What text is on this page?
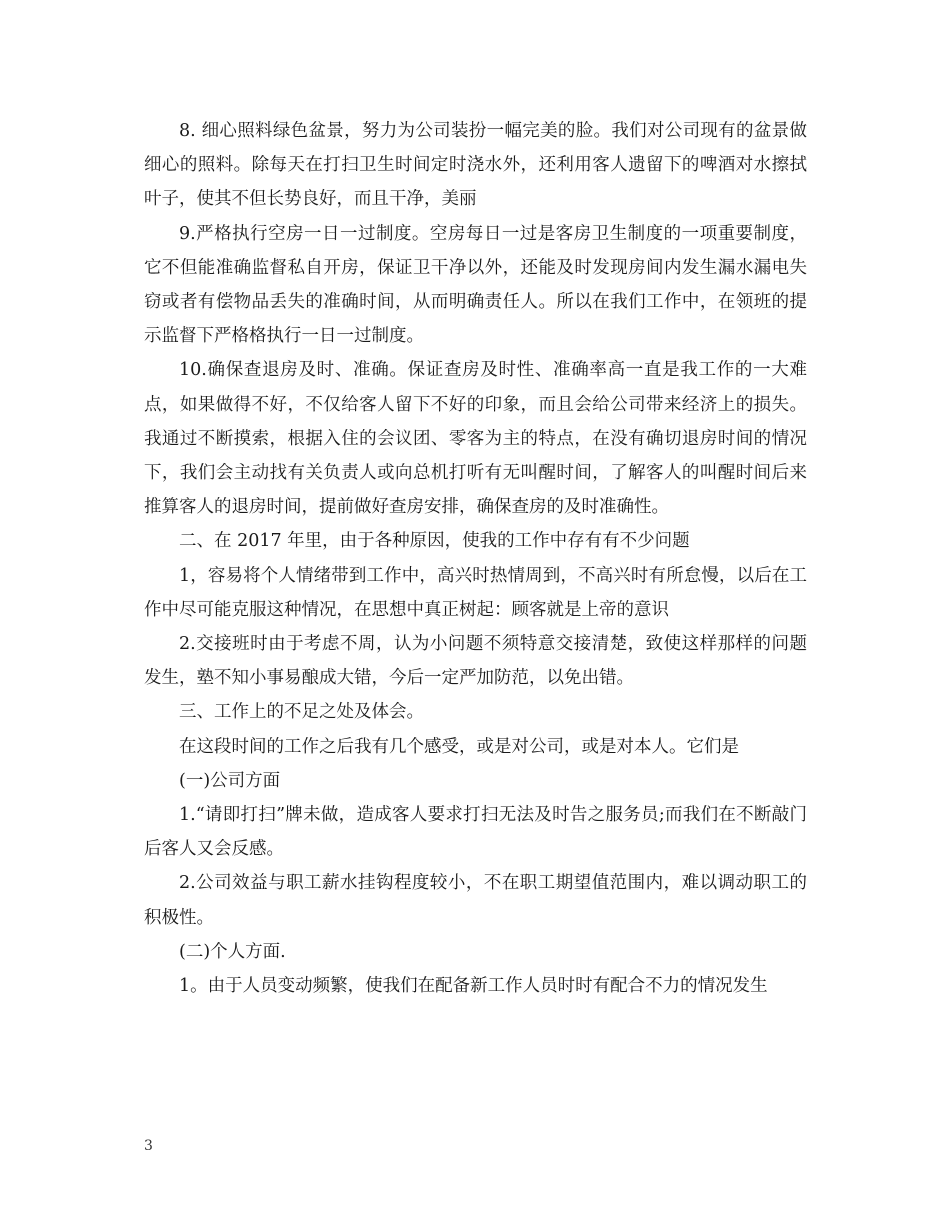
8. 细心照料绿色盆景，努力为公司装扮一幅完美的脸。我们对公司现有的盆景做细心的照料。除每天在打扫卫生时间定时浇水外，还利用客人遗留下的啤酒对水擦拭叶子，使其不但长势良好，而且干净，美丽

9.严格执行空房一日一过制度。空房每日一过是客房卫生制度的一项重要制度，它不但能准确监督私自开房，保证卫干净以外，还能及时发现房间内发生漏水漏电失窃或者有偿物品丢失的准确时间，从而明确责任人。所以在我们工作中，在领班的提示监督下严格格执行一日一过制度。

10.确保查退房及时、准确。保证查房及时性、准确率高一直是我工作的一大难点，如果做得不好，不仅给客人留下不好的印象，而且会给公司带来经济上的损失。我通过不断摸索，根据入住的会议团、零客为主的特点，在没有确切退房时间的情况下，我们会主动找有关负责人或向总机打听有无叫醒时间，了解客人的叫醒时间后来推算客人的退房时间，提前做好查房安排，确保查房的及时准确性。

二、在 2017 年里，由于各种原因，使我的工作中存有有不少问题

1，容易将个人情绪带到工作中，高兴时热情周到，不高兴时有所怠慢，以后在工作中尽可能克服这种情况，在思想中真正树起：顾客就是上帝的意识

2.交接班时由于考虑不周，认为小问题不须特意交接清楚，致使这样那样的问题发生，塾不知小事易酿成大错，今后一定严加防范，以免出错。

三、工作上的不足之处及体会。

在这段时间的工作之后我有几个感受，或是对公司，或是对本人。它们是

(一)公司方面

1.“请即打扫”牌未做，造成客人要求打扫无法及时告之服务员;而我们在不断敲门后客人又会反感。

2.公司效益与职工薪水挂钩程度较小，不在职工期望值范围内，难以调动职工的积极性。

(二)个人方面.

1。由于人员变动频繁，使我们在配备新工作人员时时有配合不力的情况发生

3
